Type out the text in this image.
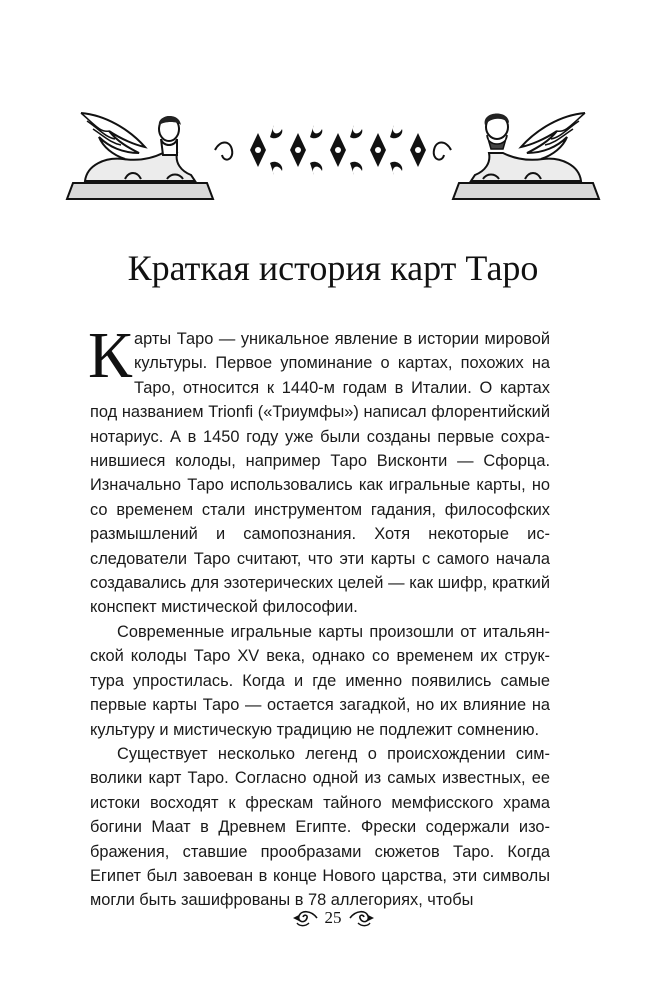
Краткая история карт Таро

Карты Таро — уникальное явление в истории мировой культуры. Первое упоминание о картах, похожих на Таро, относится к 1440-м годам в Италии. О картах под названием Trionfi («Триумфы») написал флорентийский нотариус. А в 1450 году уже были созданы первые сохранившиеся колоды, например Таро Висконти — Сфорца. Изначально Таро использовались как игральные карты, но со временем стали инструментом гадания, философских размышлений и самопознания. Хотя некоторые исследователи Таро считают, что эти карты с самого начала создавались для эзотерических целей — как шифр, краткий конспект мистической философии.

Современные игральные карты произошли от итальянской колоды Таро XV века, однако со временем их структура упростилась. Когда и где именно появились самые первые карты Таро — остается загадкой, но их влияние на культуру и мистическую традицию не подлежит сомнению.

Существует несколько легенд о происхождении символики карт Таро. Согласно одной из самых известных, ее истоки восходят к фрескам тайного мемфисского храма богини Маат в Древнем Египте. Фрески содержали изображения, ставшие прообразами сюжетов Таро. Когда Египет был завоеван в конце Нового царства, эти символы могли быть зашифрованы в 78 аллегориях, чтобы

25
